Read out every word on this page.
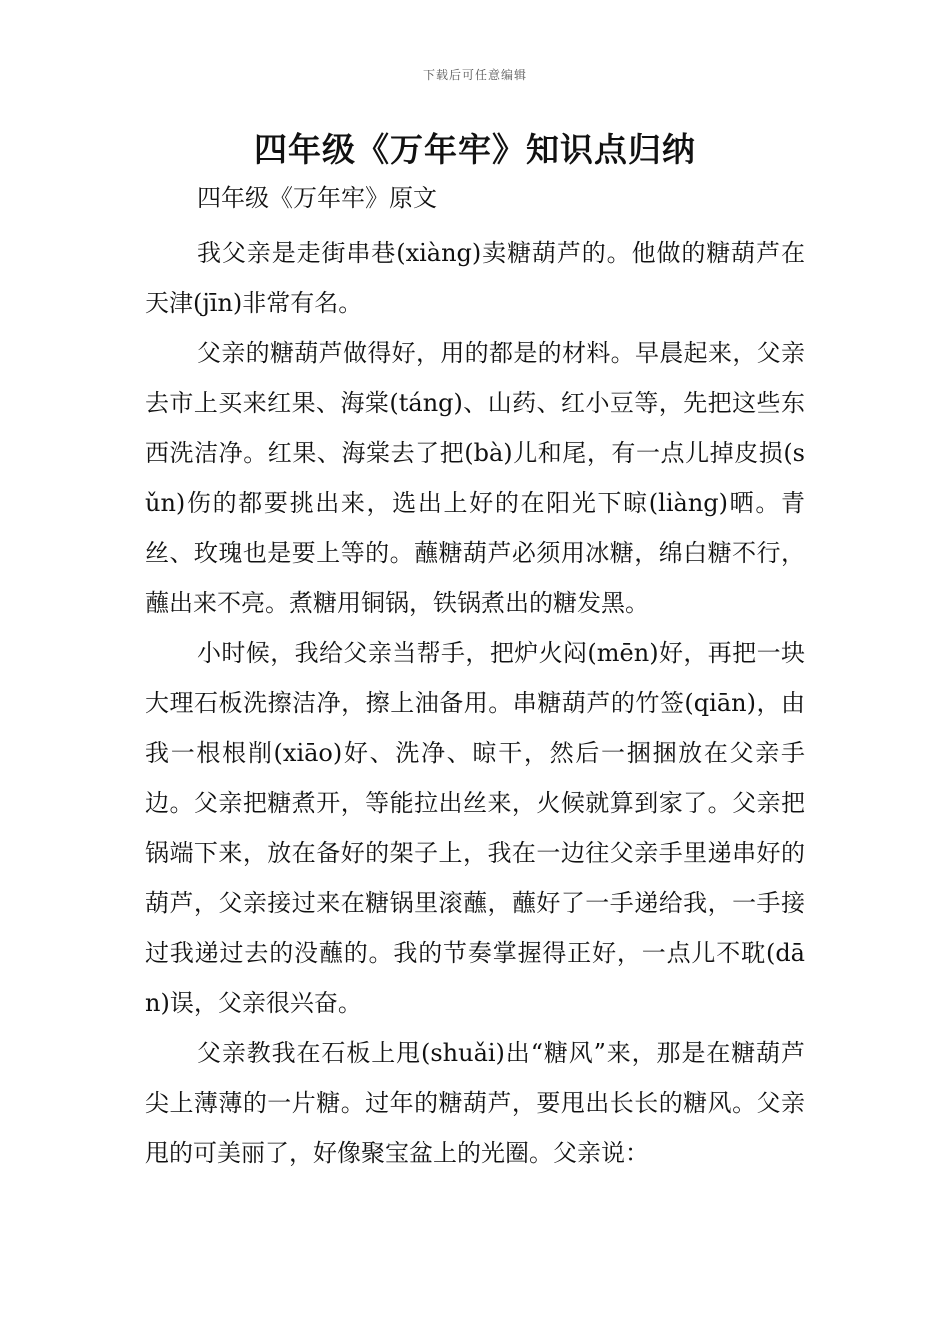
下载后可任意编辑
四年级《万年牢》知识点归纳

四年级《万年牢》原文

我父亲是走街串巷(xiàng)卖糖葫芦的。他做的糖葫芦在天津(jīn)非常有名。

父亲的糖葫芦做得好，用的都是的材料。早晨起来，父亲去市上买来红果、海棠(táng)、山药、红小豆等，先把这些东西洗洁净。红果、海棠去了把(bà)儿和尾，有一点儿掉皮损(sǔn)伤的都要挑出来，选出上好的在阳光下晾(liàng)晒。青丝、玫瑰也是要上等的。蘸糖葫芦必须用冰糖，绵白糖不行，蘸出来不亮。煮糖用铜锅，铁锅煮出的糖发黑。

小时候，我给父亲当帮手，把炉火闷(mēn)好，再把一块大理石板洗擦洁净，擦上油备用。串糖葫芦的竹签(qiān)，由我一根根削(xiāo)好、洗净、晾干，然后一捆捆放在父亲手边。父亲把糖煮开，等能拉出丝来，火候就算到家了。父亲把锅端下来，放在备好的架子上，我在一边往父亲手里递串好的葫芦，父亲接过来在糖锅里滚蘸，蘸好了一手递给我，一手接过我递过去的没蘸的。我的节奏掌握得正好，一点儿不耽(dān)误，父亲很兴奋。

父亲教我在石板上甩(shuǎi)出“糖风”来，那是在糖葫芦尖上薄薄的一片糖。过年的糖葫芦，要甩出长长的糖风。父亲甩的可美丽了，好像聚宝盆上的光圈。父亲说：
